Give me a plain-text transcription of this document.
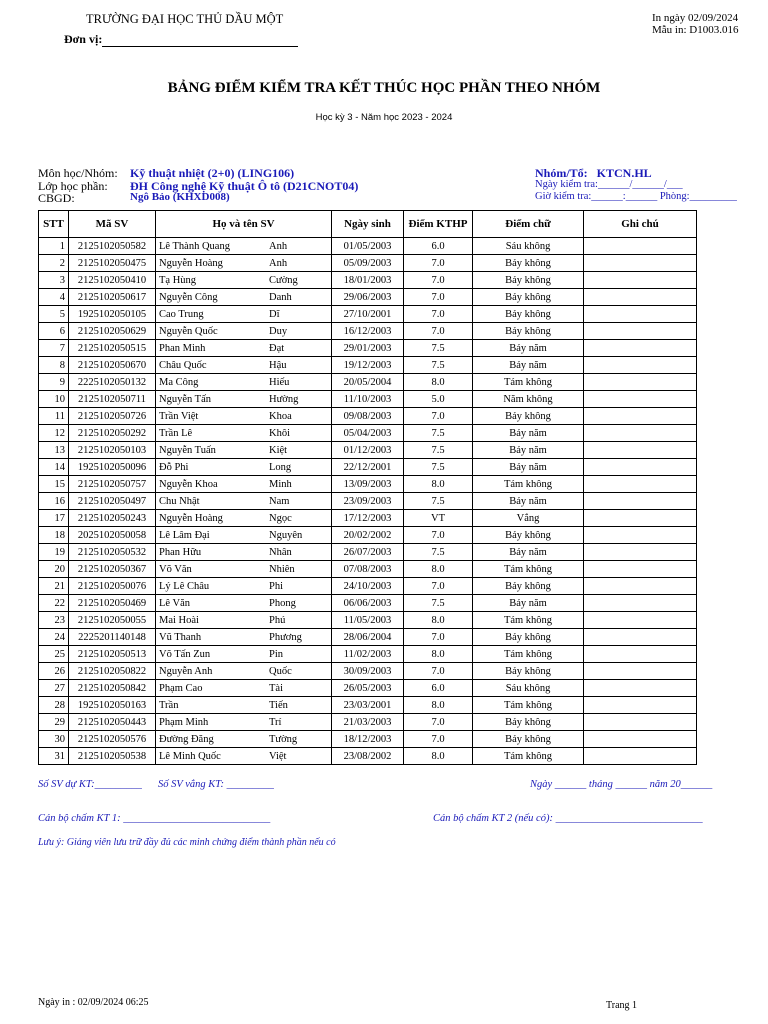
TRƯỜNG ĐẠI HỌC THỦ DẦU MỘT
Đơn vị:
In ngày 02/09/2024
Mẫu in: D1003.016
BẢNG ĐIỂM KIỂM TRA KẾT THÚC HỌC PHẦN THEO NHÓM
Học kỳ 3 - Năm học 2023 - 2024
Môn học/Nhóm: Kỹ thuật nhiệt (2+0) (LING106)
Lớp học phần: ĐH Công nghệ Kỹ thuật Ô tô (D21CNOT04)
CBGD:	Ngô Bảo (KHXD008)
Nhóm/Tổ: KTCN.HL
Ngày kiểm tra:______/______/___
Giờ kiểm tra:______:______ Phòng:_________
STT	Mã SV	Họ và tên SV	Ngày sinh	Điểm KTHP	Điểm chữ	Ghi chú
1	2125102050582	Lê Thành Quang Anh	01/05/2003	6.0	Sáu không	
2	2125102050475	Nguyễn Hoàng Anh	05/09/2003	7.0	Bảy không	
3	2125102050410	Tạ Hùng Cường	18/01/2003	7.0	Bảy không	
4	2125102050617	Nguyễn Công Danh	29/06/2003	7.0	Bảy không	
5	1925102050105	Cao Trung Dĩ	27/10/2001	7.0	Bảy không	
6	2125102050629	Nguyễn Quốc Duy	16/12/2003	7.0	Bảy không	
7	2125102050515	Phan Minh Đạt	29/01/2003	7.5	Bảy năm	
8	2125102050670	Châu Quốc Hậu	19/12/2003	7.5	Bảy năm	
9	2225102050132	Ma Công Hiếu	20/05/2004	8.0	Tám không	
10	2125102050711	Nguyễn Tấn Hường	11/10/2003	5.0	Năm không	
11	2125102050726	Trần Việt Khoa	09/08/2003	7.0	Bảy không	
12	2125102050292	Trần Lê Khôi	05/04/2003	7.5	Bảy năm	
13	2125102050103	Nguyễn Tuấn Kiệt	01/12/2003	7.5	Bảy năm	
14	1925102050096	Đỗ Phi Long	22/12/2001	7.5	Bảy năm	
15	2125102050757	Nguyễn Khoa Minh	13/09/2003	8.0	Tám không	
16	2125102050497	Chu Nhật Nam	23/09/2003	7.5	Bảy năm	
17	2125102050243	Nguyễn Hoàng Ngọc	17/12/2003	VT	Vắng	
18	2025102050058	Lê Lâm Đại Nguyên	20/02/2002	7.0	Bảy không	
19	2125102050532	Phan Hữu Nhân	26/07/2003	7.5	Bảy năm	
20	2125102050367	Võ Văn Nhiên	07/08/2003	8.0	Tám không	
21	2125102050076	Lý Lê Châu Phi	24/10/2003	7.0	Bảy không	
22	2125102050469	Lê Văn Phong	06/06/2003	7.5	Bảy năm	
23	2125102050055	Mai Hoài Phú	11/05/2003	8.0	Tám không	
24	2225201140148	Vũ Thanh Phương	28/06/2004	7.0	Bảy không	
25	2125102050513	Võ Tấn Zun Pin	11/02/2003	8.0	Tám không	
26	2125102050822	Nguyễn Anh Quốc	30/09/2003	7.0	Bảy không	
27	2125102050842	Phạm Cao Tài	26/05/2003	6.0	Sáu không	
28	1925102050163	Trần Tiến	23/03/2001	8.0	Tám không	
29	2125102050443	Phạm Minh Trí	21/03/2003	7.0	Bảy không	
30	2125102050576	Đường Đăng Tường	18/12/2003	7.0	Bảy không	
31	2125102050538	Lê Minh Quốc Việt	23/08/2002	8.0	Tám không	
Số SV dự KT:_________ Số SV vắng KT: _________	Ngày ______ tháng ______ năm 20______
Cán bộ chấm KT 1: ____________________________	Cán bộ chấm KT 2 (nếu có): ____________________________
Lưu ý: Giảng viên lưu trữ đầy đủ các minh chứng điểm thành phần nếu có
Ngày in : 02/09/2024 06:25	Trang 1
